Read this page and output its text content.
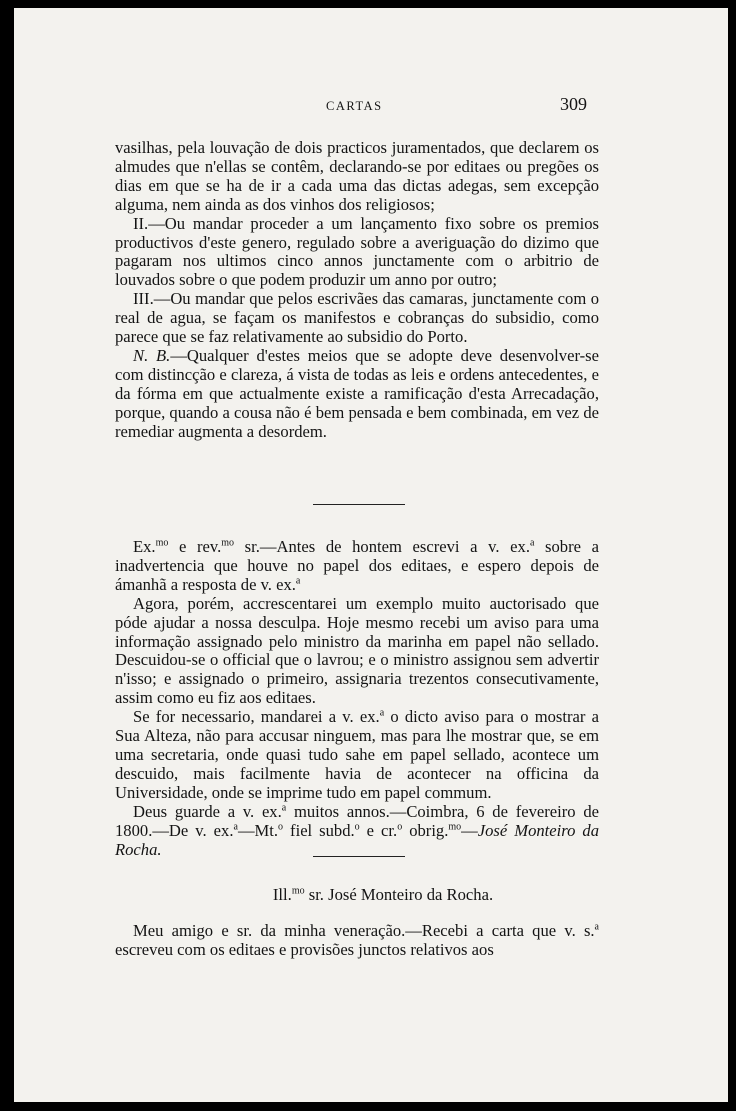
CARTAS	309

vasilhas, pela louvação de dois practicos juramentados, que declarem os almudes que n'ellas se contêm, declarando-se por editaes ou pregões os dias em que se ha de ir a cada uma das dictas adegas, sem excepção alguma, nem ainda as dos vinhos dos religiosos;

II.—Ou mandar proceder a um lançamento fixo sobre os premios productivos d'este genero, regulado sobre a averiguação do dizimo que pagaram nos ultimos cinco annos junctamente com o arbitrio de louvados sobre o que podem produzir um anno por outro;

III.—Ou mandar que pelos escrivães das camaras, junctamente com o real de agua, se façam os manifestos e cobranças do subsidio, como parece que se faz relativamente ao subsidio do Porto.

N. B.—Qualquer d'estes meios que se adopte deve desenvolver-se com distincção e clareza, á vista de todas as leis e ordens antecedentes, e da fórma em que actualmente existe a ramificação d'esta Arrecadação, porque, quando a cousa não é bem pensada e bem combinada, em vez de remediar augmenta a desordem.

Ex.$^{mo}$ e rev.$^{mo}$ sr.—Antes de hontem escrevi a v. ex.$^a$ sobre a inadvertencia que houve no papel dos editaes, e espero depois de ámanhã a resposta de v. ex.$^a$

Agora, porém, accrescentarei um exemplo muito auctorisado que póde ajudar a nossa desculpa. Hoje mesmo recebi um aviso para uma informação assignado pelo ministro da marinha em papel não sellado. Descuidou-se o official que o lavrou; e o ministro assignou sem advertir n'isso; e assignado o primeiro, assignaria trezentos consecutivamente, assim como eu fiz aos editaes.

Se for necessario, mandarei a v. ex.$^a$ o dicto aviso para o mostrar a Sua Alteza, não para accusar ninguem, mas para lhe mostrar que, se em uma secretaria, onde quasi tudo sahe em papel sellado, acontece um descuido, mais facilmente havia de acontecer na officina da Universidade, onde se imprime tudo em papel commum.

Deus guarde a v. ex.$^a$ muitos annos.—Coimbra, 6 de fevereiro de 1800.—De v. ex.$^a$—Mt.$^o$ fiel subd.$^o$ e cr.$^o$ obrig.$^{mo}$—José Monteiro da Rocha.

Ill.$^{mo}$ sr. José Monteiro da Rocha.

Meu amigo e sr. da minha veneração.—Recebi a carta que v. s.$^a$ escreveu com os editaes e provisões junctos relativos aos
